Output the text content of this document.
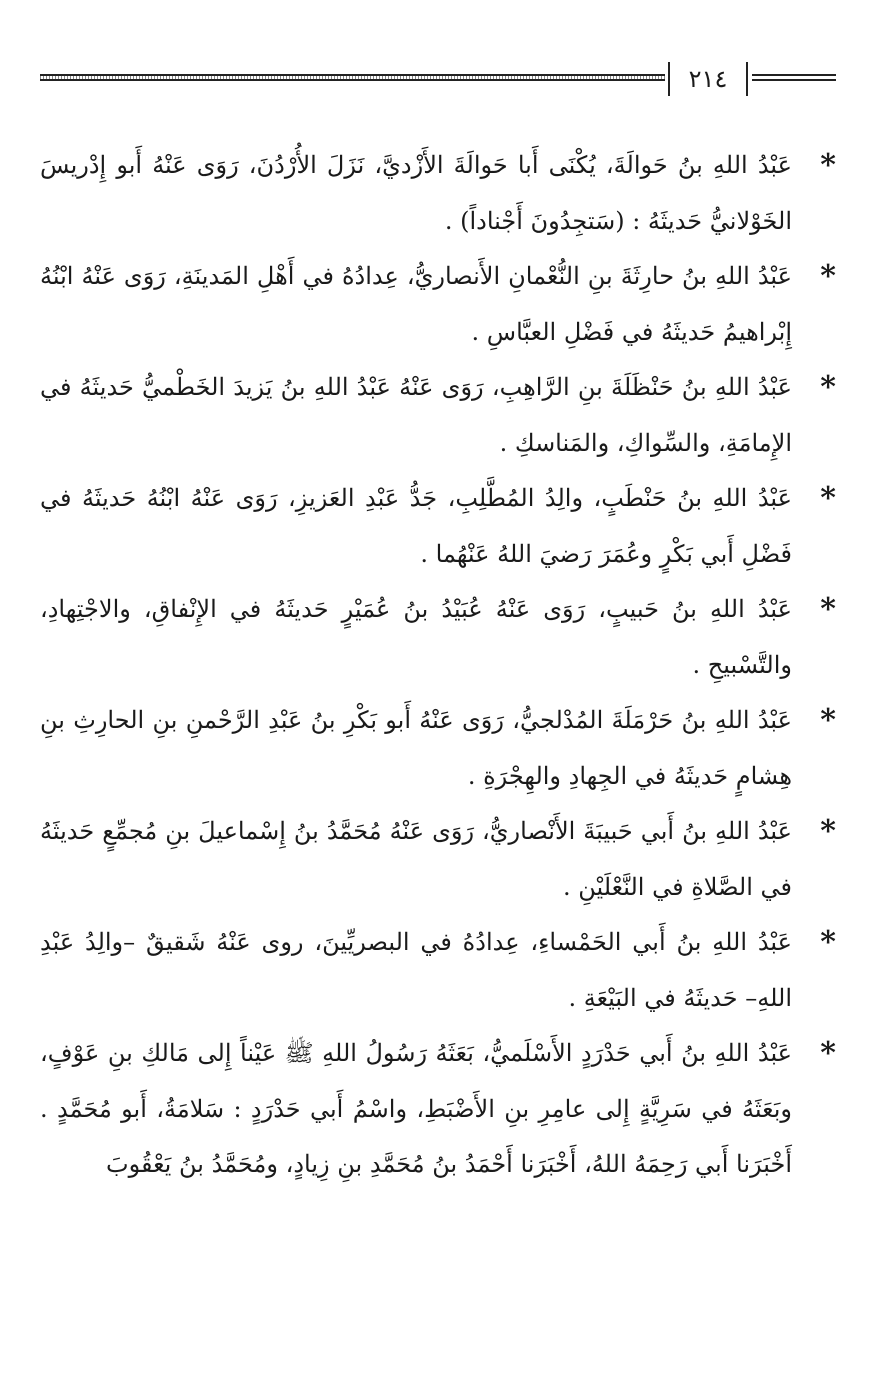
٢١٤
*
عَبْدُ اللهِ بنُ حَوالَةَ، يُكْنَى أَبا حَوالَةَ الأَزْديَّ، نَزَلَ الأُرْدُنَ، رَوَى عَنْهُ أَبو إِدْريسَ الخَوْلانيُّ حَديثَهُ : (سَتجِدُونَ أَجْناداً) .
*
عَبْدُ اللهِ بنُ حارِثَةَ بنِ النُّعْمانِ الأَنصاريُّ، عِدادُهُ في أَهْلِ المَدينَةِ، رَوَى عَنْهُ ابْنُهُ إِبْراهيمُ حَديثَهُ في فَضْلِ العبَّاسِ .
*
عَبْدُ اللهِ بنُ حَنْظَلَةَ بنِ الرَّاهِبِ، رَوَى عَنْهُ عَبْدُ اللهِ بنُ يَزيدَ الخَطْميُّ حَديثَهُ في الإِمامَةِ، والسِّواكِ، والمَناسكِ .
*
عَبْدُ اللهِ بنُ حَنْطَبٍ، والِدُ المُطَّلِبِ، جَدُّ عَبْدِ العَزيزِ، رَوَى عَنْهُ ابْنُهُ حَديثَهُ في فَضْلِ أَبي بَكْرٍ وعُمَرَ رَضيَ اللهُ عَنْهُما .
*
عَبْدُ اللهِ بنُ حَبيبٍ، رَوَى عَنْهُ عُبَيْدُ بنُ عُمَيْرٍ حَديثَهُ في الإِنْفاقِ، والاجْتِهادِ، والتَّسْبيحِ .
*
عَبْدُ اللهِ بنُ حَرْمَلَةَ المُدْلجيُّ، رَوَى عَنْهُ أَبو بَكْرِ بنُ عَبْدِ الرَّحْمنِ بنِ الحارِثِ بنِ هِشامٍ حَديثَهُ في الجِهادِ والهِجْرَةِ .
*
عَبْدُ اللهِ بنُ أَبي حَبيبَةَ الأَنْصاريُّ، رَوَى عَنْهُ مُحَمَّدُ بنُ إِسْماعيلَ بنِ مُجمِّعٍ حَديثَهُ في الصَّلاةِ في النَّعْلَيْنِ .
*
عَبْدُ اللهِ بنُ أَبي الحَمْساءِ، عِدادُهُ في البصريِّينَ، روى عَنْهُ شَقيقٌ –والِدُ عَبْدِ اللهِ– حَديثَهُ في البَيْعَةِ .
*
عَبْدُ اللهِ بنُ أَبي حَدْرَدٍ الأَسْلَميُّ، بَعَثَهُ رَسُولُ اللهِ ﷺ عَيْناً إِلى مَالكِ بنِ عَوْفٍ، وبَعَثَهُ في سَرِيَّةٍ إِلى عامِرِ بنِ الأَضْبَطِ، واسْمُ أَبي حَدْرَدٍ : سَلامَةُ، أَبو مُحَمَّدٍ . أَخْبَرَنا أَبي رَحِمَهُ اللهُ، أَخْبَرَنا أَحْمَدُ بنُ مُحَمَّدِ بنِ زِيادٍ، ومُحَمَّدُ بنُ يَعْقُوبَ
